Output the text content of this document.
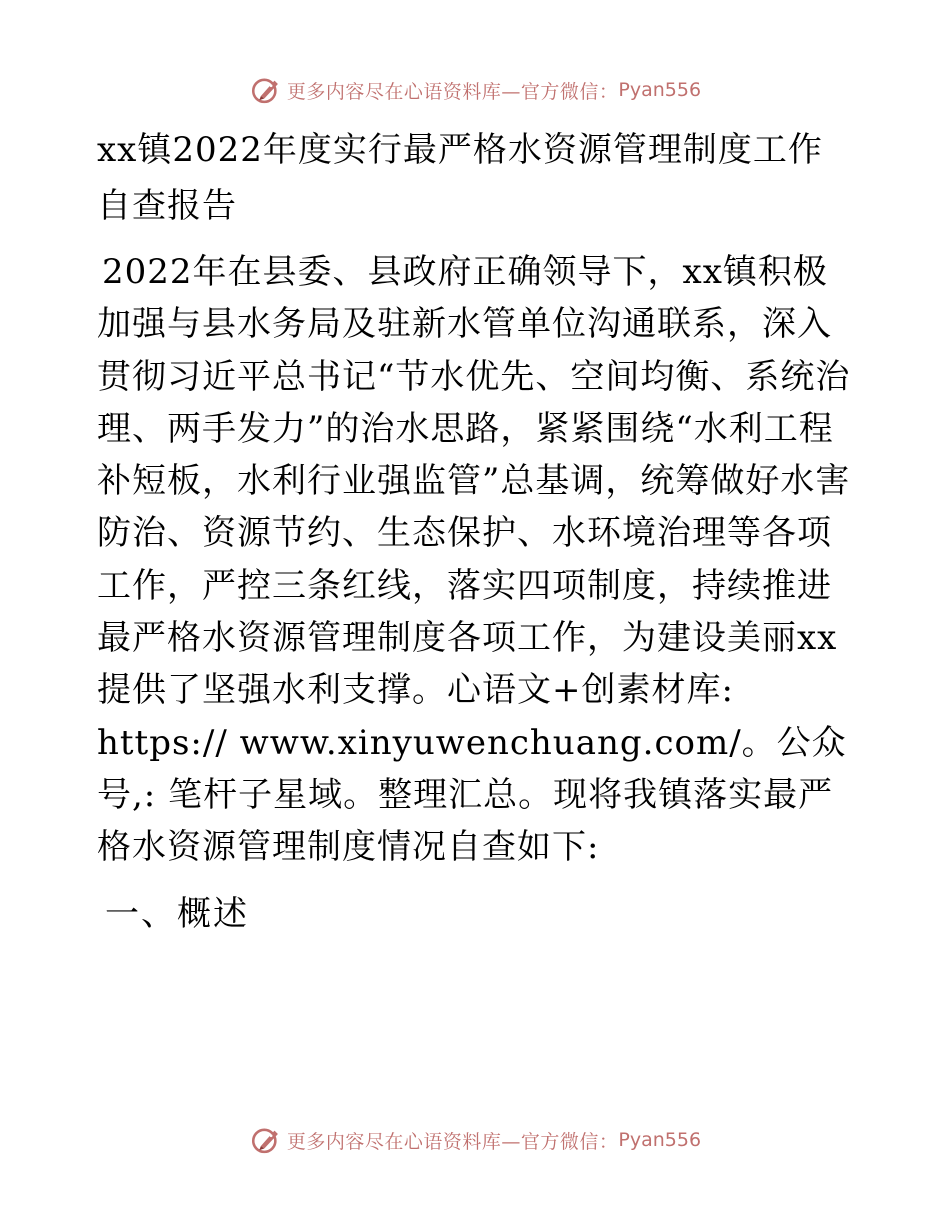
更多内容尽在心语资料库—官方微信： Pyan556
xx镇2022年度实行最严格水资源管理制度工作自查报告

2022年在县委、县政府正确领导下，xx镇积极加强与县水务局及驻新水管单位沟通联系，深入贯彻习近平总书记“节水优先、空间均衡、系统治理、两手发力”的治水思路，紧紧围绕“水利工程补短板，水利行业强监管”总基调，统筹做好水害防治、资源节约、生态保护、水环境治理等各项工作，严控三条红线，落实四项制度，持续推进最严格水资源管理制度各项工作，为建设美丽xx提供了坚强水利支撑。心语文+创素材库: https:// www.xinyuwenchuang.com/。公众号,: 笔杆子星域。整理汇总。现将我镇落实最严格水资源管理制度情况自查如下:

一、概述

更多内容尽在心语资料库—官方微信： Pyan556
